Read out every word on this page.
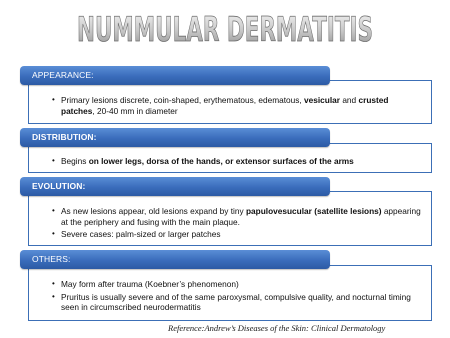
NUMMULAR DERMATITIS
APPEARANCE:
• Primary lesions discrete, coin-shaped, erythematous, edematous, vesicular and crusted patches, 20-40 mm in diameter
DISTRIBUTION:
• Begins on lower legs, dorsa of the hands, or extensor surfaces of the arms
EVOLUTION:
• As new lesions appear, old lesions expand by tiny papulovesucular (satellite lesions) appearing at the periphery and fusing with the main plaque.
• Severe cases: palm-sized or larger patches
OTHERS:
• May form after trauma (Koebner’s phenomenon)
• Pruritus is usually severe and of the same paroxysmal, compulsive quality, and nocturnal timing seen in circumscribed neurodermatitis
Reference:Andrew’s Diseases of the Skin: Clinical Dermatology
